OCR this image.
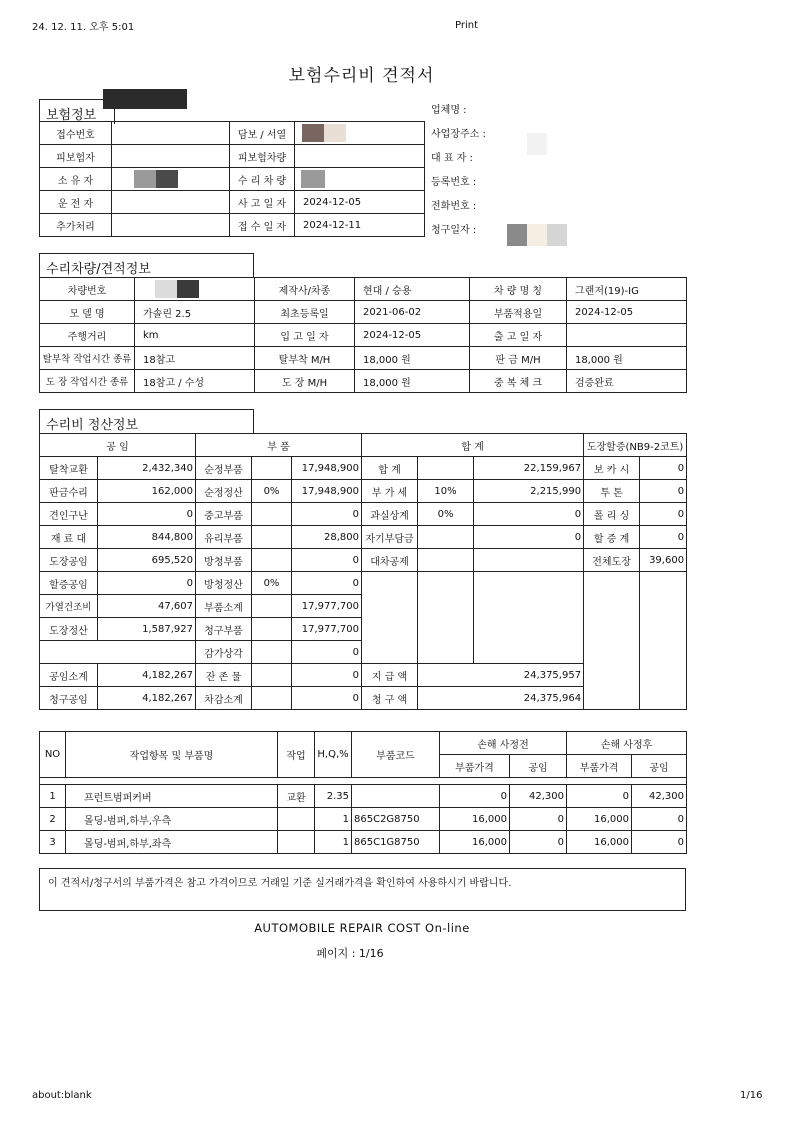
24. 12. 11. 오후 5:01	Print
보험수리비 견적서
보험정보

접수번호		담보 / 서열	
피보험자		피보험차량	
소 유 자		수 리 차 량	
운 전 자		사 고 일 자	2024-12-05
추가처리		접 수 일 자	2024-12-11
업체명 :
사업장주소 :
대 표 자 :
등록번호 :
전화번호 :
청구일자 :
수리차량/견적정보
차량번호		제작사/차종	현대 / 승용	차 량 명 칭	그랜저(19)-IG
모 델 명	가솔린 2.5	최초등록일	2021-06-02	부품적용일	2024-12-05
주행거리	km	입 고 일 자	2024-12-05	출 고 일 자	
탈부착 작업시간 종류	18참고	탈부착 M/H	18,000 원	판 금 M/H	18,000 원
도 장 작업시간 종류	18참고 / 수성	도 장 M/H	18,000 원	중 복 체 크	검증완료
수리비 정산정보
공 임		부 품			합 계			도장할증(NB9-2코트)	
탈착교환	2,432,340	순정부품		17,948,900	합 계		22,159,967	보 카 시	0
판금수리	162,000	순정정산	0%	17,948,900	부 가 세	10%	2,215,990	투 톤	0
견인구난	0	중고부품		0	과실상계	0%	0	폴 리 싱	0
재 료 대	844,800	유리부품		28,800	자기부담금		0	할 증 계	0
도장공임	695,520	방청부품		0	대차공제			전체도장	39,600
할증공임	0	방청정산	0%	0					
가열건조비	47,607	부품소계		17,977,700					
도장정산	1,587,927	청구부품		17,977,700					
		감가상각		0					
공임소계	4,182,267	잔 존 물		0	지 급 액	24,375,957			
청구공임	4,182,267	차감소계		0	청 구 액	24,375,964			
NO	작업항목 및 부품명	작업	H,Q,%	부품코드	손해 사정전		손해 사정후	
					부품가격	공임	부품가격	공임

1	프런트범퍼커버	교환	2.35		0	42,300	0	42,300
2	몰딩-범퍼,하부,우측		1	865C2G8750	16,000	0	16,000	0
3	몰딩-범퍼,하부,좌측		1	865C1G8750	16,000	0	16,000	0
이 견적서/청구서의 부품가격은 참고 가격이므로 거래일 기준 실거래가격을 확인하여 사용하시기 바랍니다.
AUTOMOBILE REPAIR COST On-line
페이지 : 1/16
about:blank	1/16
